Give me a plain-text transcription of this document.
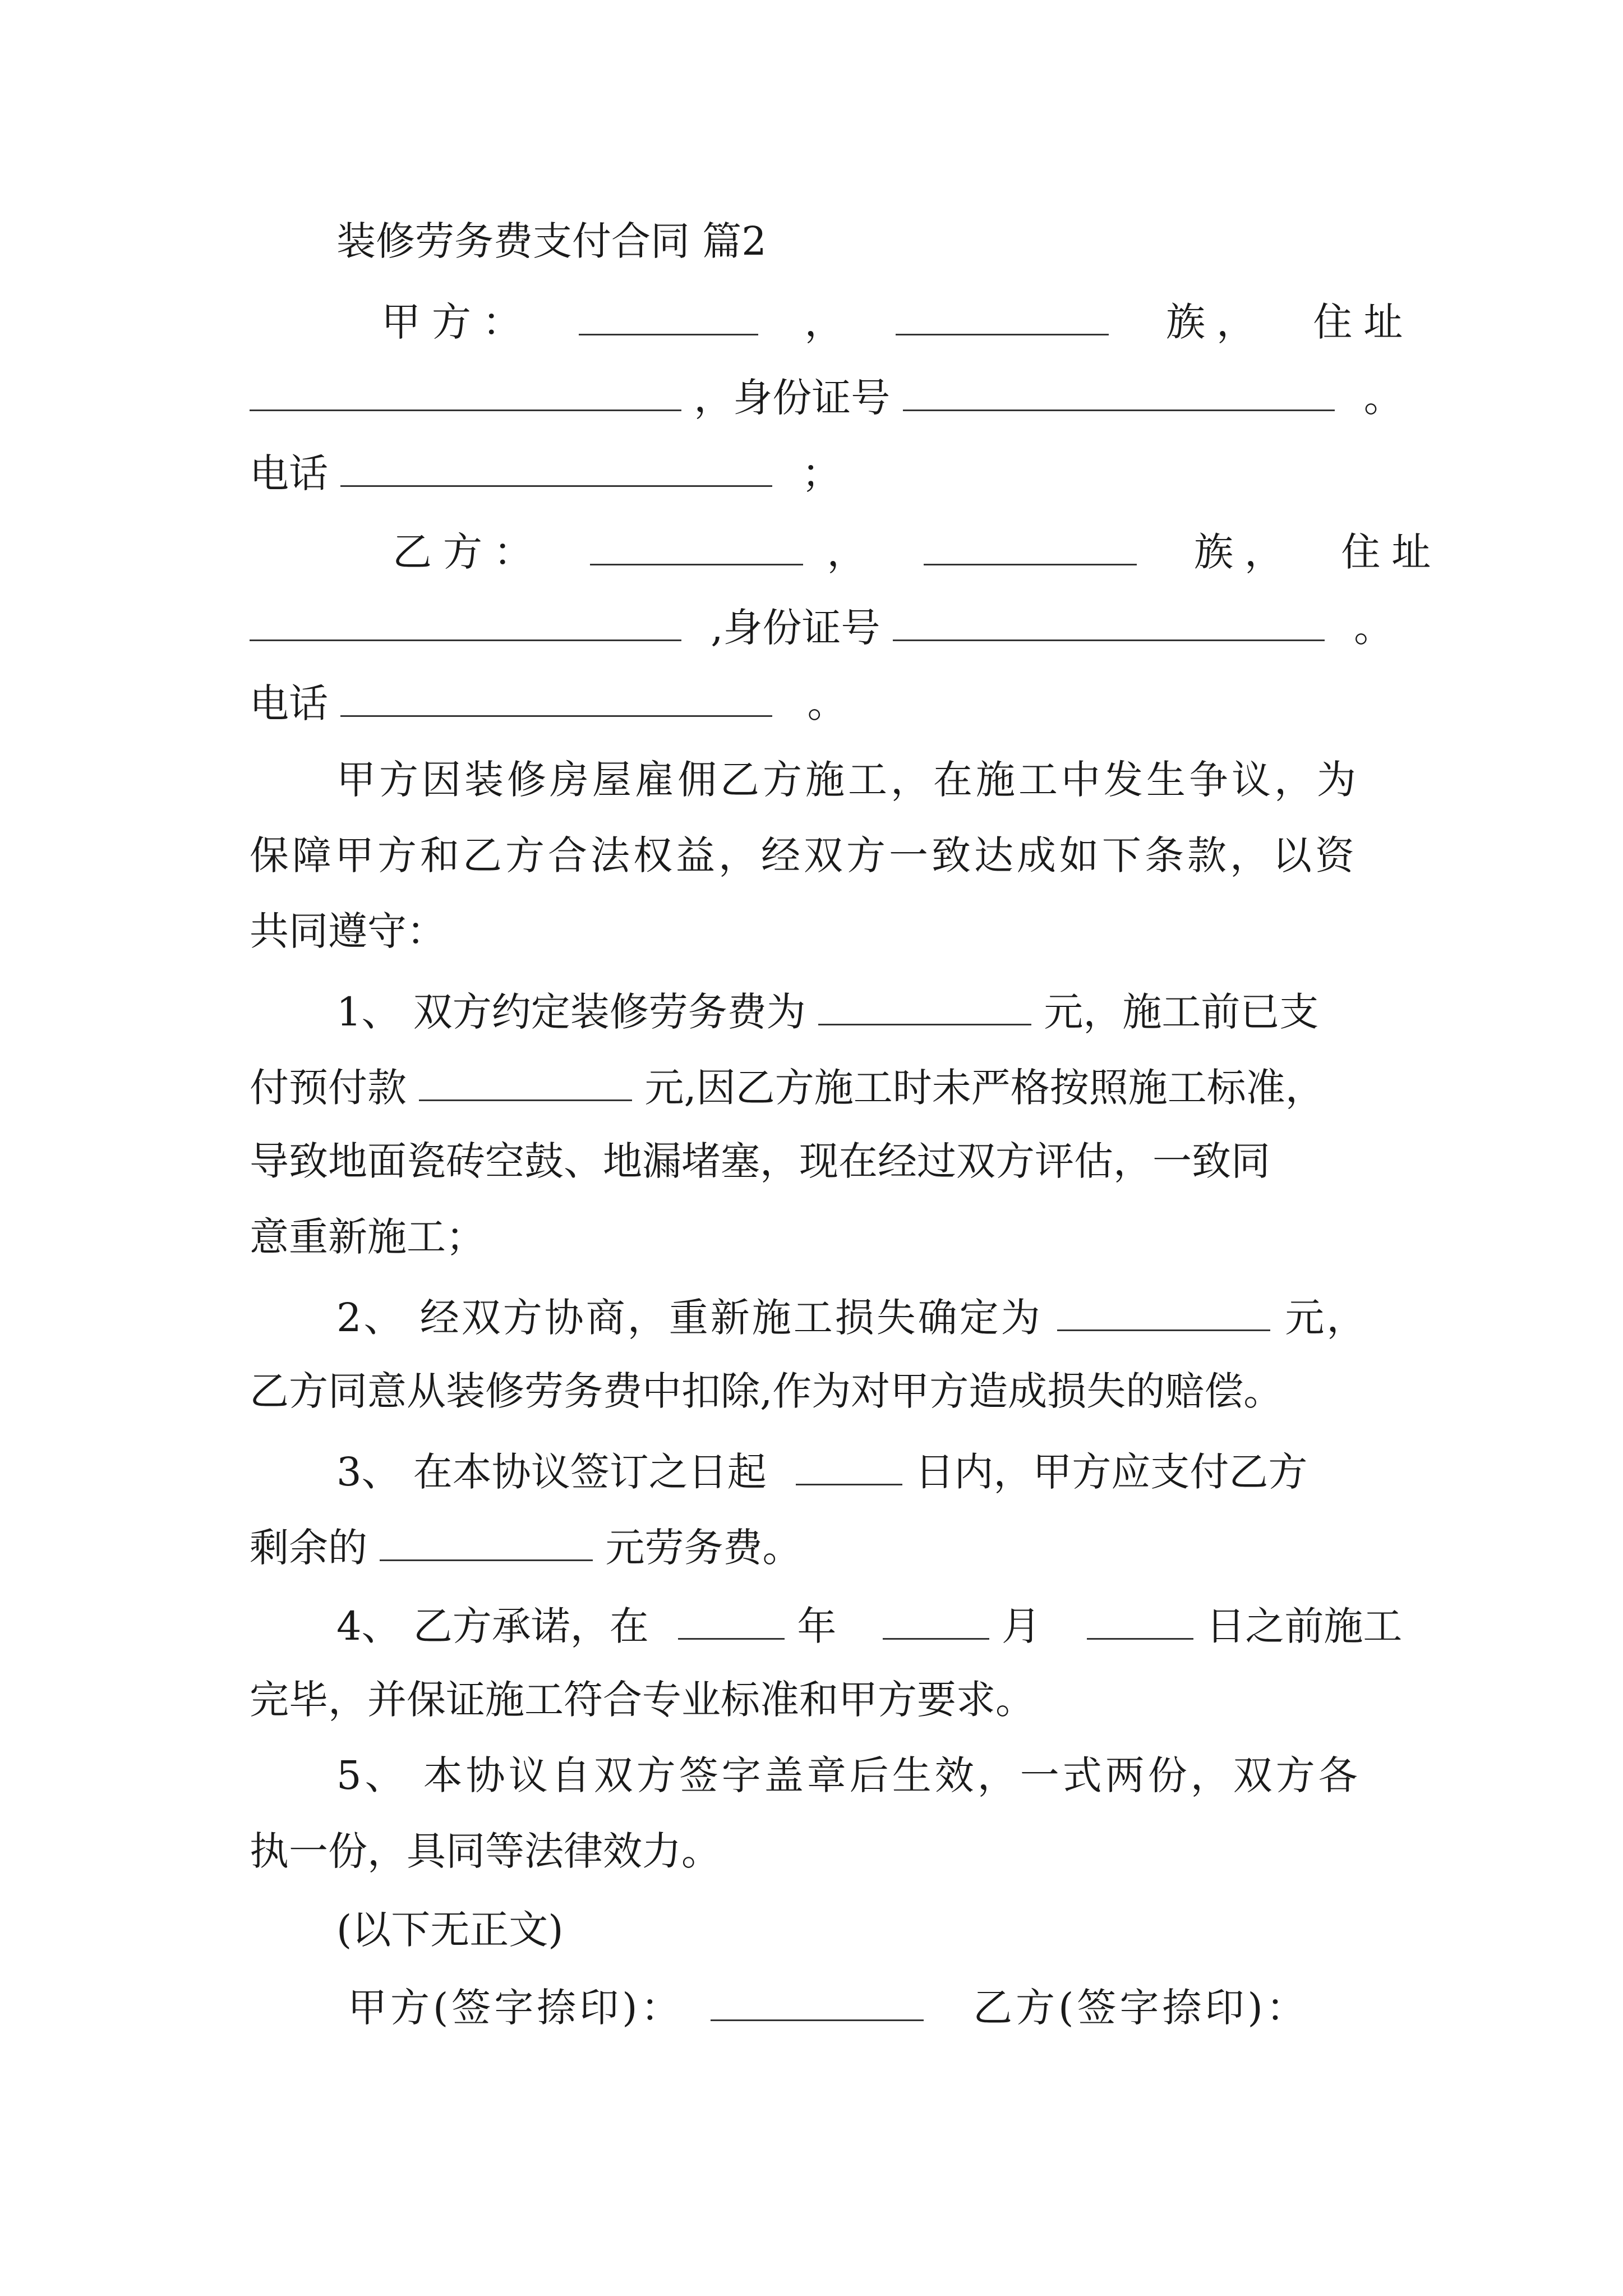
装修劳务费支付合同 篇2
甲方：	，	族， 住址
，身份证号	。
电话	；
乙方：	，	族， 住址
,身份证号	。
电话	。
甲方因装修房屋雇佣乙方施工，在施工中发生争议，为
保障甲方和乙方合法权益，经双方一致达成如下条款，以资
共同遵守：
1、 双方约定装修劳务费为	元，施工前已支
付预付款	元,因乙方施工时未严格按照施工标准，
导致地面瓷砖空鼓、地漏堵塞，现在经过双方评估，一致同
意重新施工；
2、 经双方协商，重新施工损失确定为	元，
乙方同意从装修劳务费中扣除,作为对甲方造成损失的赔偿。
3、 在本协议签订之日起	日内，甲方应支付乙方
剩余的	元劳务费。
4、 乙方承诺，在	年	月	日之前施工
完毕，并保证施工符合专业标准和甲方要求。
5、 本协议自双方签字盖章后生效，一式两份，双方各
执一份，具同等法律效力。
(以下无正文)
甲方(签字捺印)：	乙方(签字捺印)：
